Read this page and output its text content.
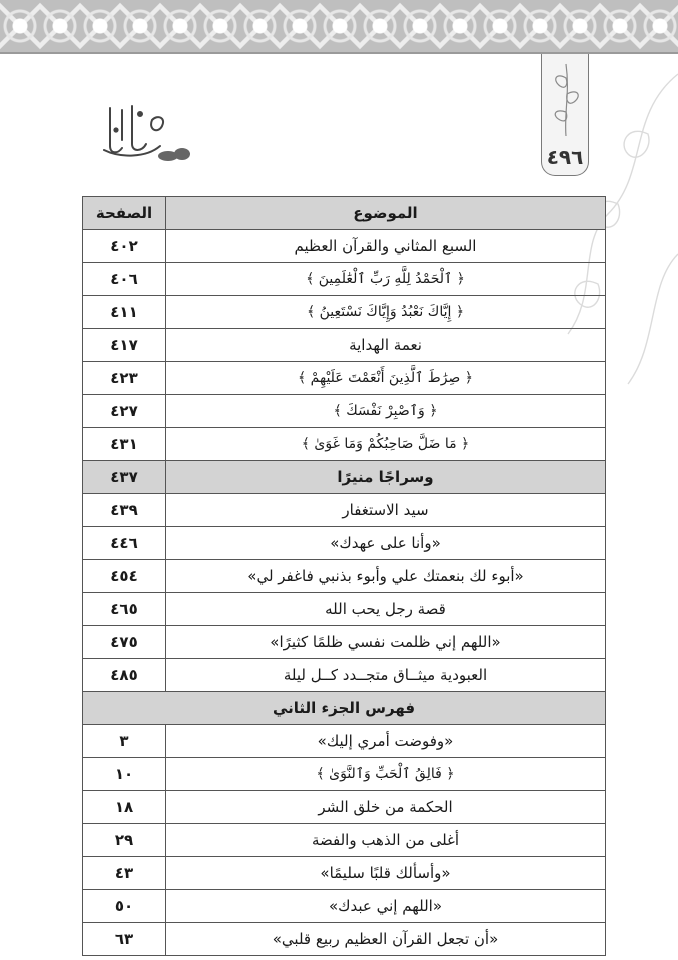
٤٩٦
الموضوع	الصفحة
السبع المثاني والقرآن العظيم	٤٠٢
﴿ ٱلْحَمْدُ لِلَّهِ رَبِّ ٱلْعَٰلَمِينَ ﴾	٤٠٦
﴿ إِيَّاكَ نَعْبُدُ وَإِيَّاكَ نَسْتَعِينُ ﴾	٤١١
نعمة الهداية	٤١٧
﴿ صِرَٰطَ ٱلَّذِينَ أَنْعَمْتَ عَلَيْهِمْ ﴾	٤٢٣
﴿ وَٱصْبِرْ نَفْسَكَ ﴾	٤٢٧
﴿ مَا ضَلَّ صَاحِبُكُمْ وَمَا غَوَىٰ ﴾	٤٣١
وسراجًا منيرًا	٤٣٧
سيد الاستغفار	٤٣٩
«وأنا على عهدك»	٤٤٦
«أبوء لك بنعمتك علي وأبوء بذنبي فاغفر لي»	٤٥٤
قصة رجل يحب الله	٤٦٥
«اللهم إني ظلمت نفسي ظلمًا كثيرًا»	٤٧٥
العبودية ميثــاق متجــدد كــل ليلة	٤٨٥
فهرس الجزء الثاني	
«وفوضت أمري إليك»	٣
﴿ فَالِقُ ٱلْحَبِّ وَٱلنَّوَىٰ ﴾	١٠
الحكمة من خلق الشر	١٨
أغلى من الذهب والفضة	٢٩
«وأسألك قلبًا سليمًا»	٤٣
«اللهم إني عبدك»	٥٠
«أن تجعل القرآن العظيم ربيع قلبي»	٦٣
